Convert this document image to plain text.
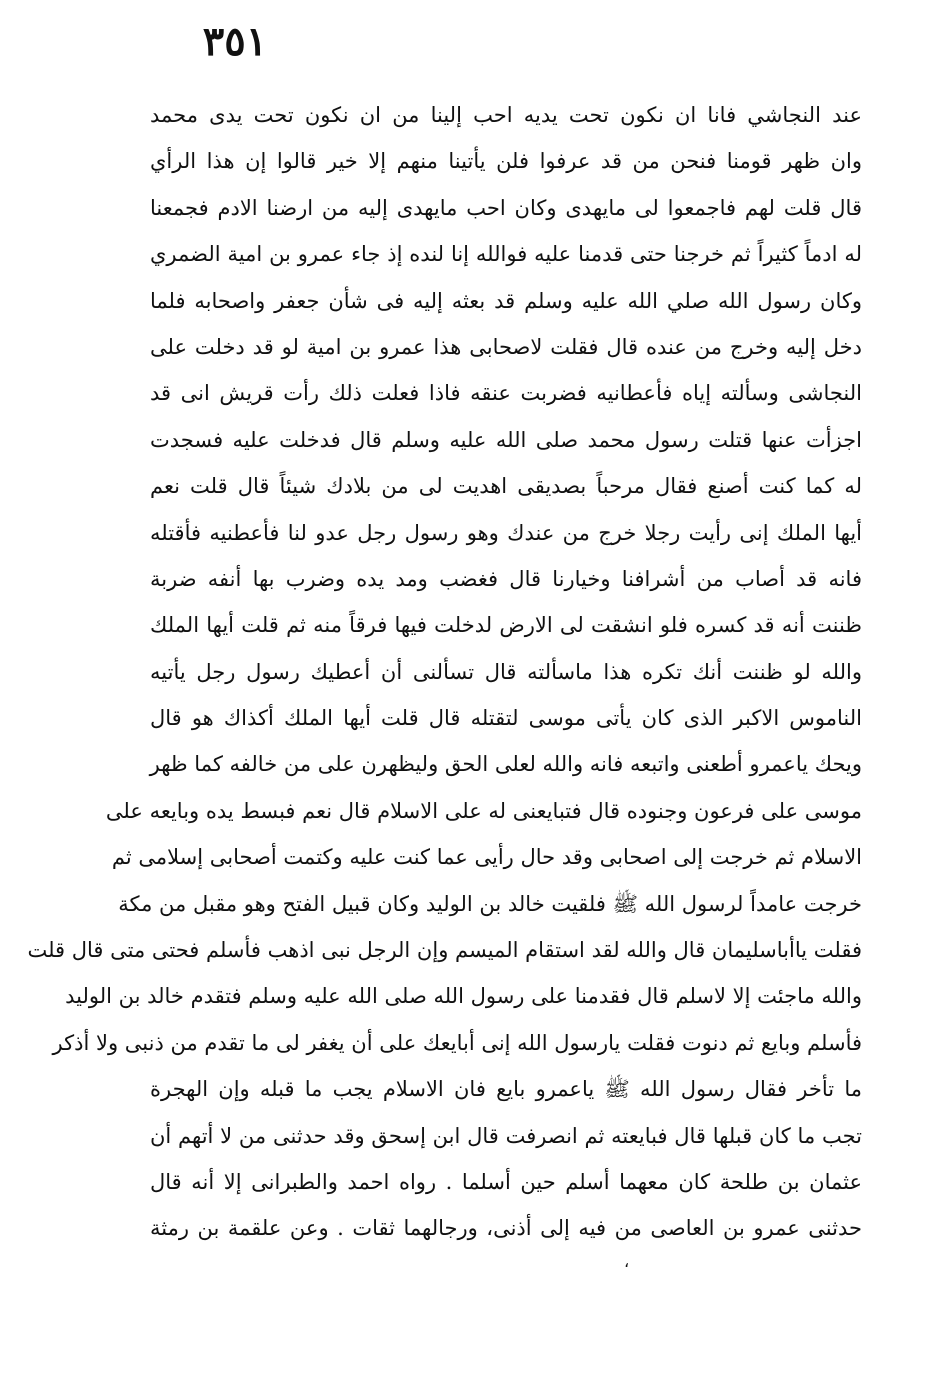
٣٥١
عند النجاشي فانا ان نكون تحت يديه احب إلينا من ان نكون تحت يدى محمد
وان ظهر قومنا فنحن من قد عرفوا فلن يأتينا منهم إلا خير قالوا إن هذا الرأي
قال قلت لهم فاجمعوا لى مايهدى وكان احب مايهدى إليه من ارضنا الادم فجمعنا
له ادماً كثيراً ثم خرجنا حتى قدمنا عليه فوالله إنا لنده إذ جاء عمرو بن امية الضمري
وكان رسول الله صلي الله عليه وسلم قد بعثه إليه فى شأن جعفر واصحابه فلما
دخل إليه وخرج من عنده قال فقلت لاصحابى هذا عمرو بن امية لو قد دخلت على
النجاشى وسألته إياه فأعطانيه فضربت عنقه فاذا فعلت ذلك رأت قريش انى قد
اجزأت عنها قتلت رسول محمد صلى الله عليه وسلم قال فدخلت عليه فسجدت
له كما كنت أصنع فقال مرحباً بصديقى اهديت لى من بلادك شيئاً قال قلت نعم
أيها الملك إنى رأيت رجلا خرج من عندك وهو رسول رجل عدو لنا فأعطنيه فأقتله
فانه قد أصاب من أشرافنا وخيارنا قال فغضب ومد يده وضرب بها أنفه ضربة
ظننت أنه قد كسره فلو انشقت لى الارض لدخلت فيها فرقاً منه ثم قلت أيها الملك
والله لو ظننت أنك تكره هذا ماسألته قال تسألنى أن أعطيك رسول رجل يأتيه
الناموس الاكبر الذى كان يأتى موسى لتقتله قال قلت أيها الملك أكذاك هو قال
ويحك ياعمرو أطعنى واتبعه فانه والله لعلى الحق وليظهرن على من خالفه كما ظهر
موسى على فرعون وجنوده قال فتبايعنى له على الاسلام قال نعم فبسط يده وبايعه على
الاسلام ثم خرجت إلى اصحابى وقد حال رأيى عما كنت عليه وكتمت أصحابى إسلامى ثم
خرجت عامداً لرسول الله ﷺ فلقيت خالد بن الوليد وكان قبيل الفتح وهو مقبل من مكة
فقلت ياأباسليمان قال والله لقد استقام الميسم وإن الرجل نبى اذهب فأسلم فحتى متى قال قلت
والله ماجئت إلا لاسلم قال فقدمنا على رسول الله صلى الله عليه وسلم فتقدم خالد بن الوليد
فأسلم وبايع ثم دنوت فقلت يارسول الله إنى أبايعك على أن يغفر لى ما تقدم من ذنبى ولا أذكر
ما تأخر فقال رسول الله ﷺ ياعمرو بايع فان الاسلام يجب ما قبله وإن الهجرة
تجب ما كان قبلها قال فبايعته ثم انصرفت قال ابن إسحق وقد حدثنى من لا أتهم أن
عثمان بن طلحة كان معهما أسلم حين أسلما . رواه احمد والطبرانى إلا أنه قال
حدثنى عمرو بن العاصى من فيه إلى أذنى، ورجالهما ثقات . وعن علقمة بن رمثة
،
